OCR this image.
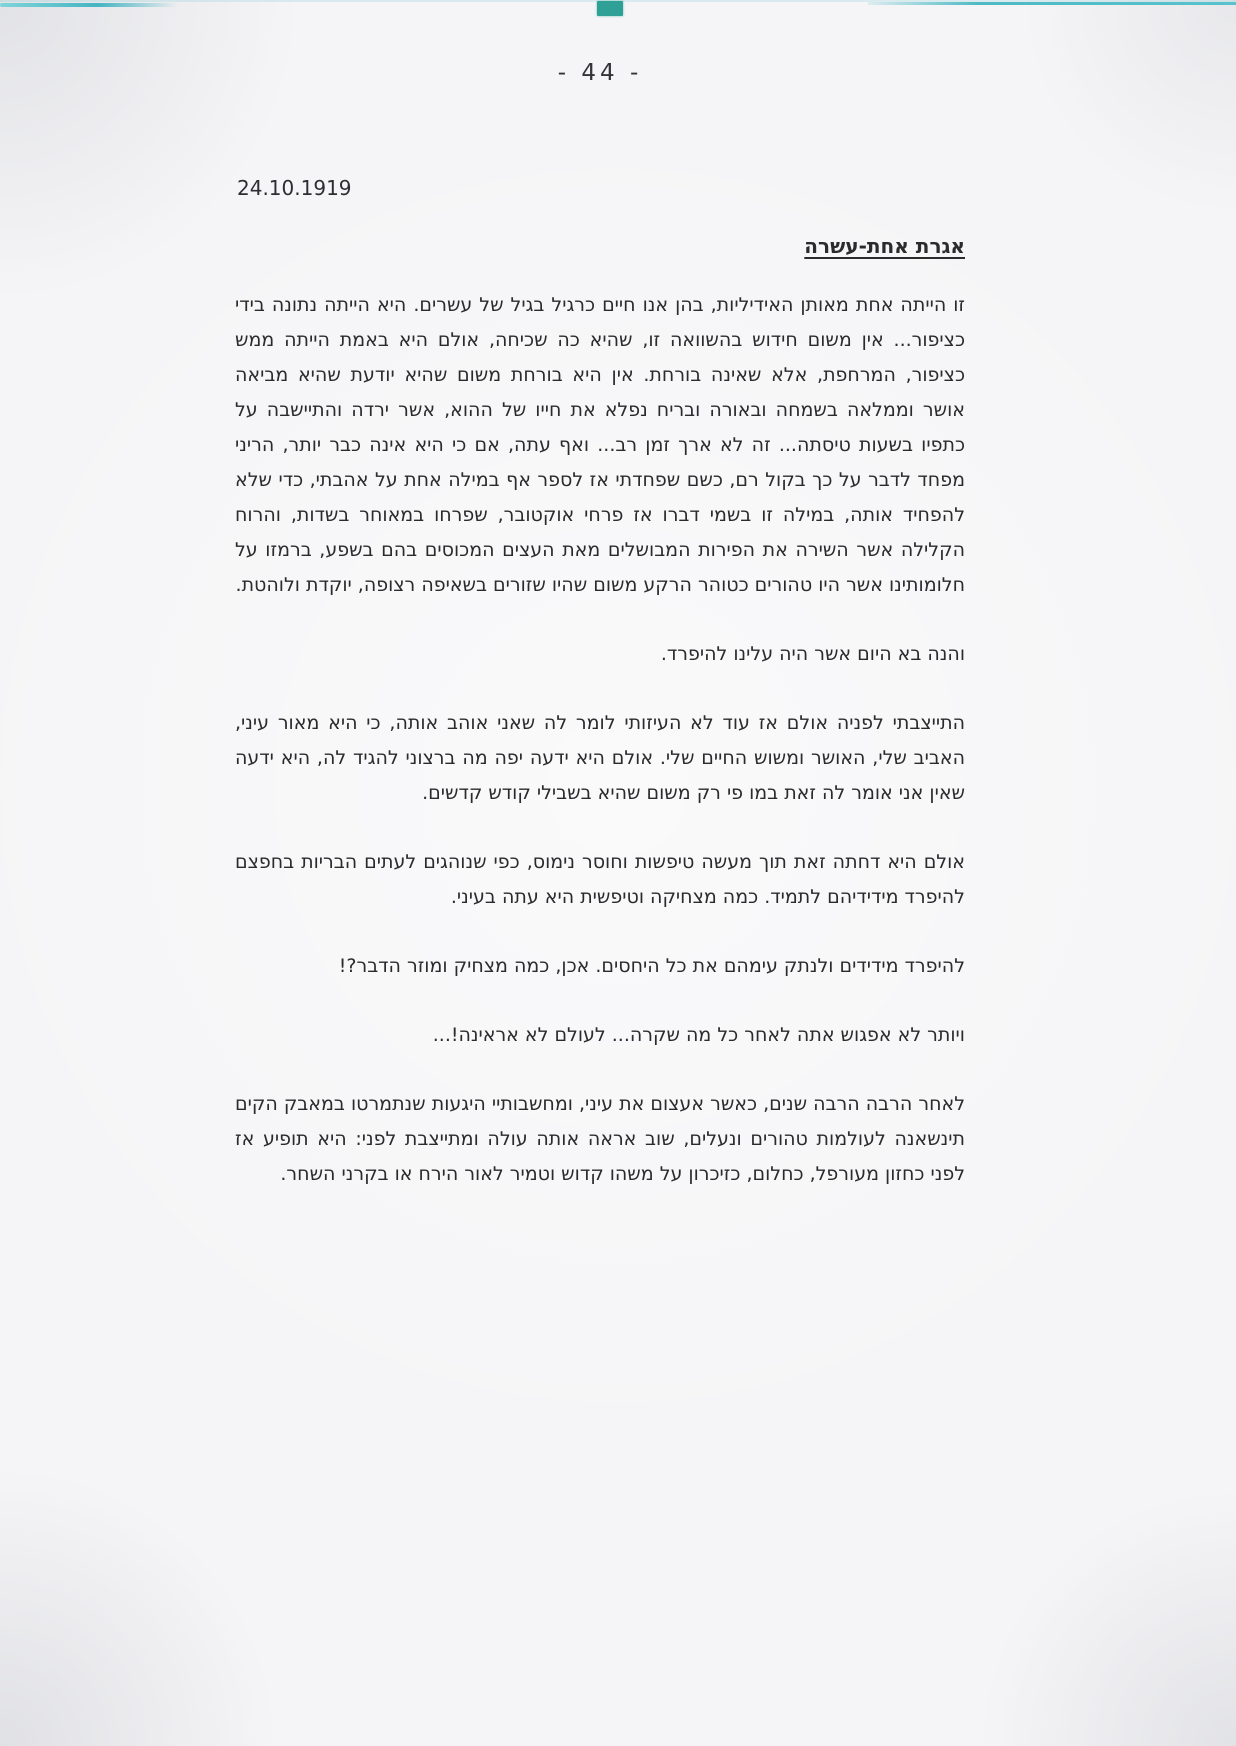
- 44 -
24.10.1919
אגרת אחת-עשרה

זו הייתה אחת מאותן האידיליות, בהן אנו חיים כרגיל בגיל של עשרים. היא הייתה נתונה בידי כציפור... אין משום חידוש בהשוואה זו, שהיא כה שכיחה, אולם היא באמת הייתה ממש כציפור, המרחפת, אלא שאינה בורחת. אין היא בורחת משום שהיא יודעת שהיא מביאה אושר וממלאה בשמחה ובאורה ובריח נפלא את חייו של ההוא, אשר ירדה והתיישבה על כתפיו בשעות טיסתה... זה לא ארך זמן רב... ואף עתה, אם כי היא אינה כבר יותר, הריני מפחד לדבר על כך בקול רם, כשם שפחדתי אז לספר אף במילה אחת על אהבתי, כדי שלא להפחיד אותה, במילה זו בשמי דברו אז פרחי אוקטובר, שפרחו במאוחר בשדות, והרוח הקלילה אשר השירה את הפירות המבושלים מאת העצים המכוסים בהם בשפע, ברמזו על חלומותינו אשר היו טהורים כטוהר הרקע משום שהיו שזורים בשאיפה רצופה, יוקדת ולוהטת.

והנה בא היום אשר היה עלינו להיפרד.

התייצבתי לפניה אולם אז עוד לא העיזותי לומר לה שאני אוהב אותה, כי היא מאור עיני, האביב שלי, האושר ומשוש החיים שלי. אולם היא ידעה יפה מה ברצוני להגיד לה, היא ידעה שאין אני אומר לה זאת במו פי רק משום שהיא בשבילי קודש קדשים.

אולם היא דחתה זאת תוך מעשה טיפשות וחוסר נימוס, כפי שנוהגים לעתים הבריות בחפצם להיפרד מידידיהם לתמיד. כמה מצחיקה וטיפשית היא עתה בעיני.

להיפרד מידידים ולנתק עימהם את כל היחסים. אכן, כמה מצחיק ומוזר הדבר?!

ויותר לא אפגוש אתה לאחר כל מה שקרה... לעולם לא אראינה!...

לאחר הרבה הרבה שנים, כאשר אעצום את עיני, ומחשבותיי היגעות שנתמרטו במאבק הקים תינשאנה לעולמות טהורים ונעלים, שוב אראה אותה עולה ומתייצבת לפני: היא תופיע אז לפני כחזון מעורפל, כחלום, כזיכרון על משהו קדוש וטמיר לאור הירח או בקרני השחר.
